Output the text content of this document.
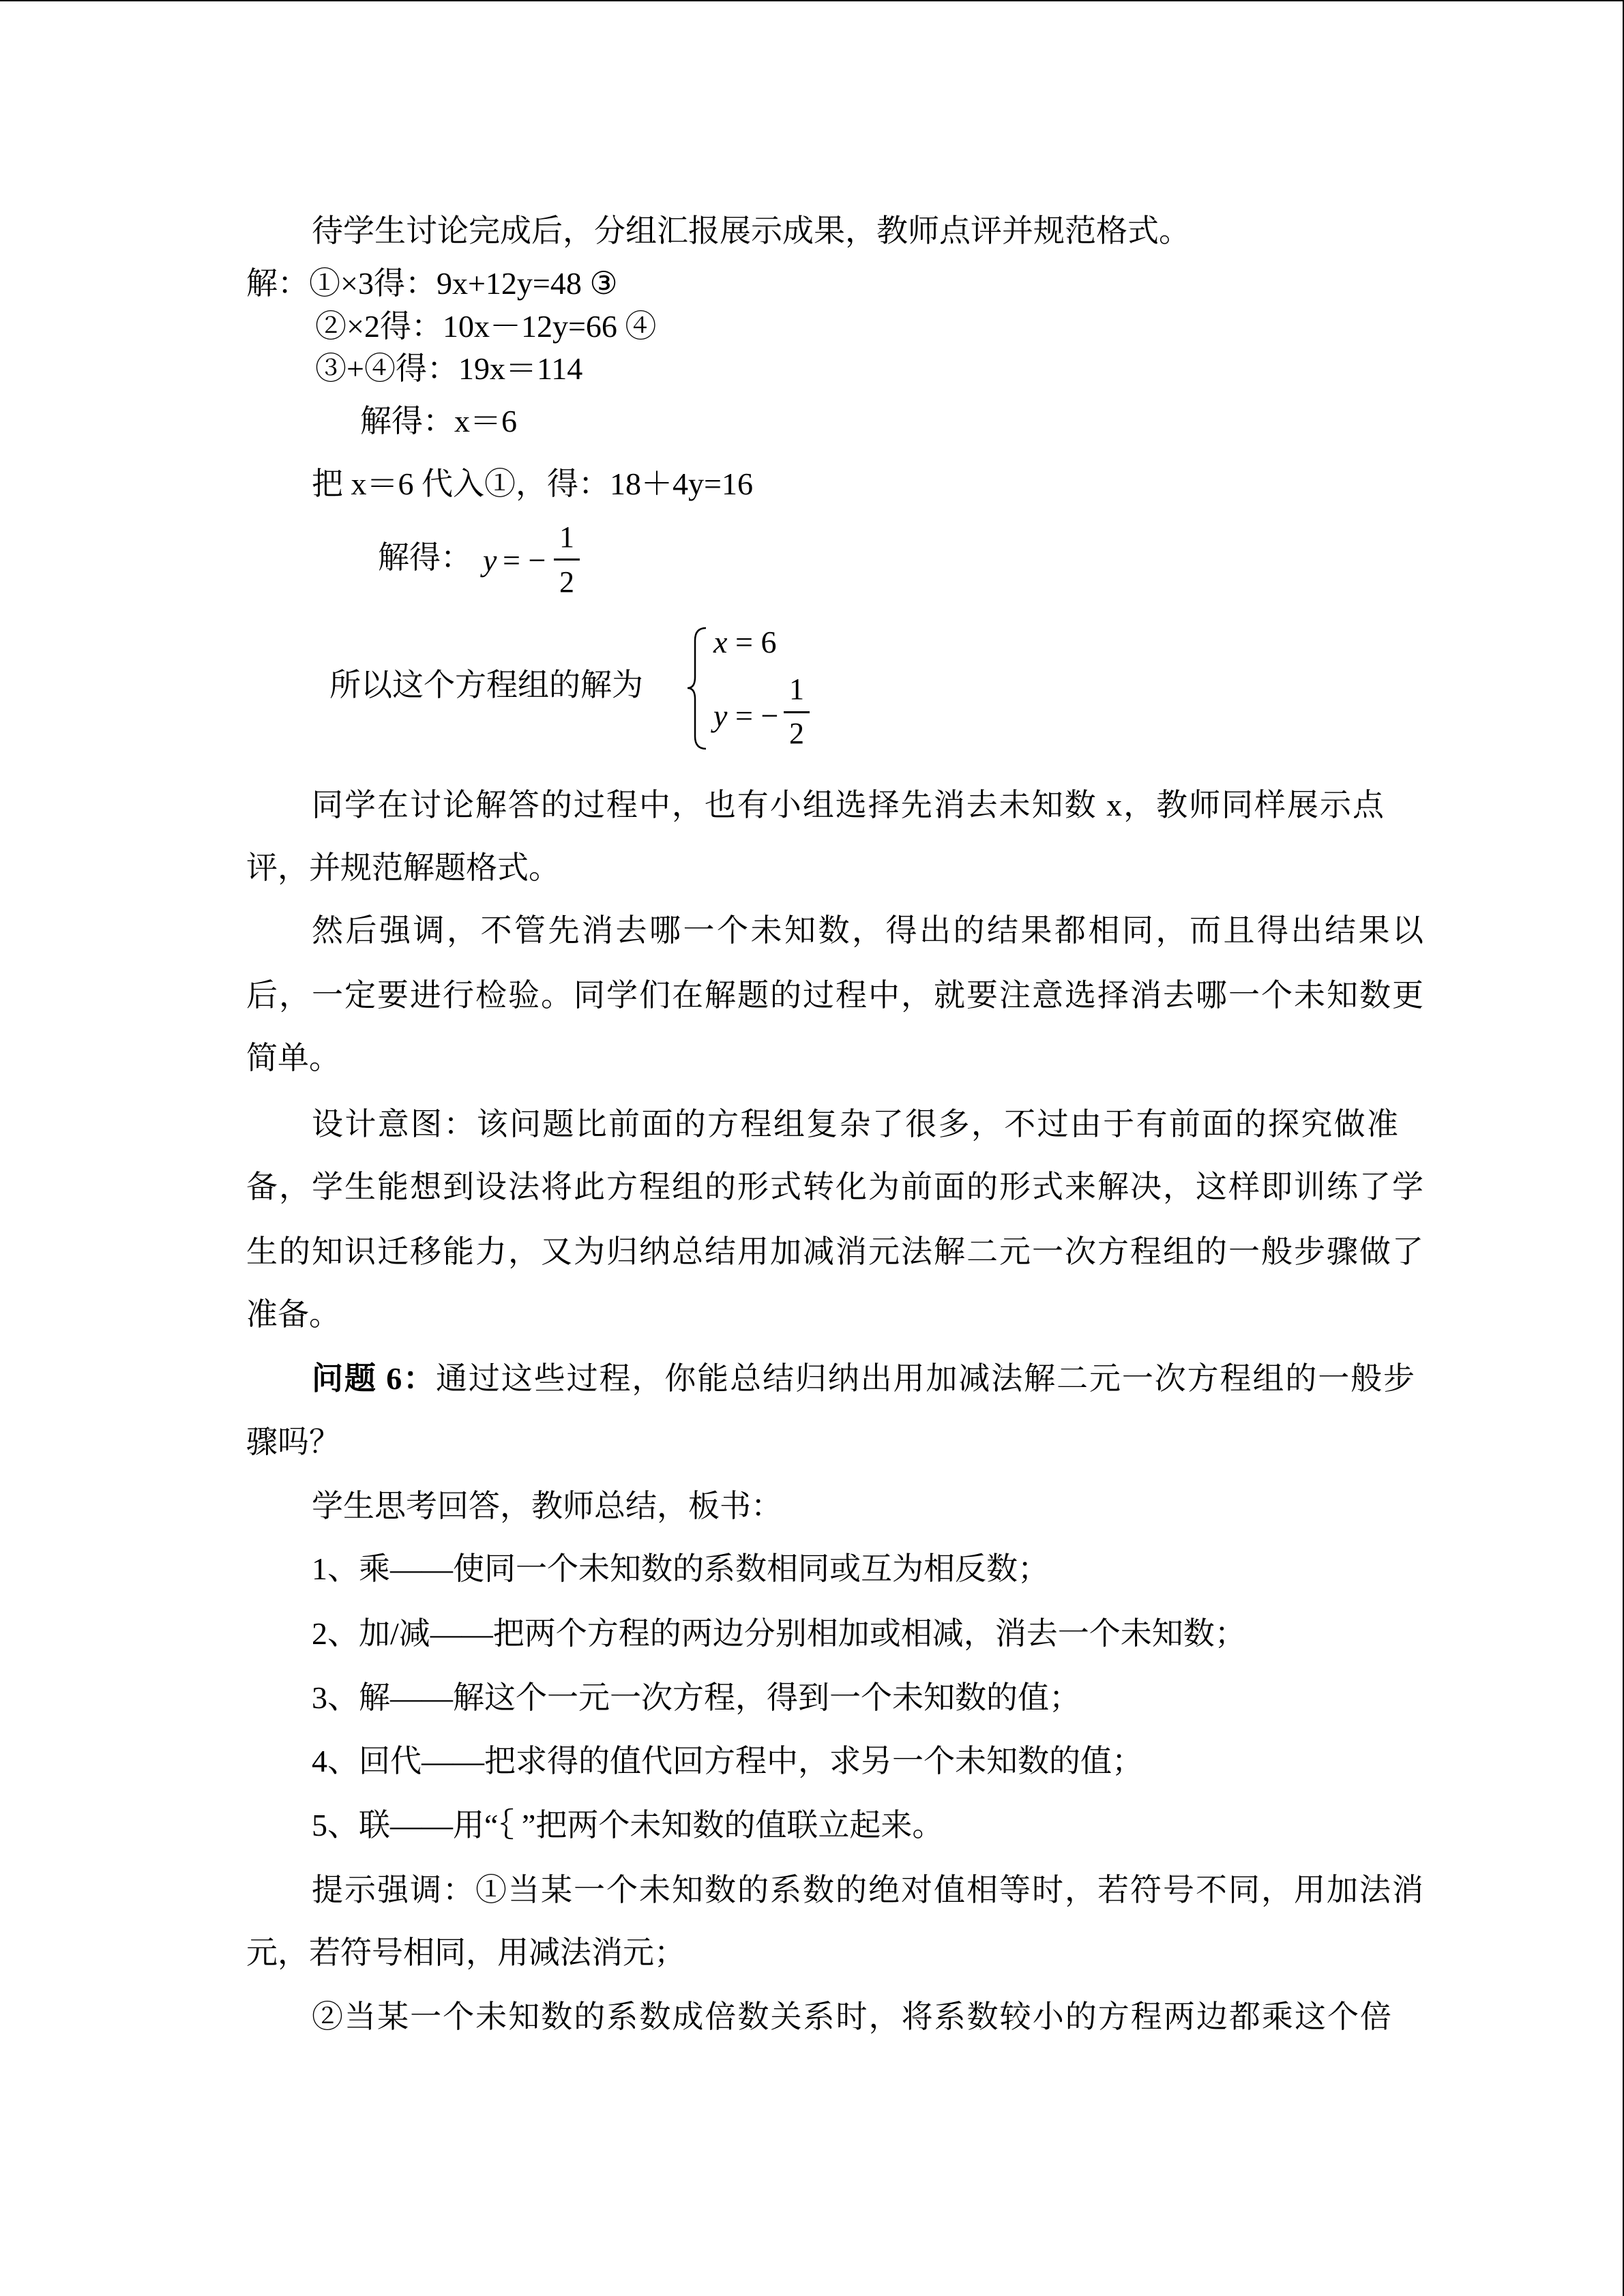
待学生讨论完成后，分组汇报展示成果，教师点评并规范格式。
解：①×3得：9x+12y=48 ③
②×2得：10x－12y=66 ④
③+④得：19x＝114
解得：x＝6
把 x＝6 代入①，得：18＋4y=16
解得： y = −
1
2
所以这个方程组的解为
x = 6
y = −
1
2
同学在讨论解答的过程中，也有小组选择先消去未知数 x，教师同样展示点
评，并规范解题格式。
然后强调，不管先消去哪一个未知数，得出的结果都相同，而且得出结果以
后，一定要进行检验。同学们在解题的过程中，就要注意选择消去哪一个未知数更
简单。
设计意图：该问题比前面的方程组复杂了很多，不过由于有前面的探究做准
备，学生能想到设法将此方程组的形式转化为前面的形式来解决，这样即训练了学
生的知识迁移能力，又为归纳总结用加减消元法解二元一次方程组的一般步骤做了
准备。
问题 6：通过这些过程，你能总结归纳出用加减法解二元一次方程组的一般步
骤吗？
学生思考回答，教师总结，板书：
1、乘——使同一个未知数的系数相同或互为相反数；
2、加/减——把两个方程的两边分别相加或相减，消去一个未知数；
3、解——解这个一元一次方程，得到一个未知数的值；
4、回代——把求得的值代回方程中，求另一个未知数的值；
5、联——用“｛ ”把两个未知数的值联立起来。
提示强调：①当某一个未知数的系数的绝对值相等时，若符号不同，用加法消
元，若符号相同，用减法消元；
②当某一个未知数的系数成倍数关系时，将系数较小的方程两边都乘这个倍
